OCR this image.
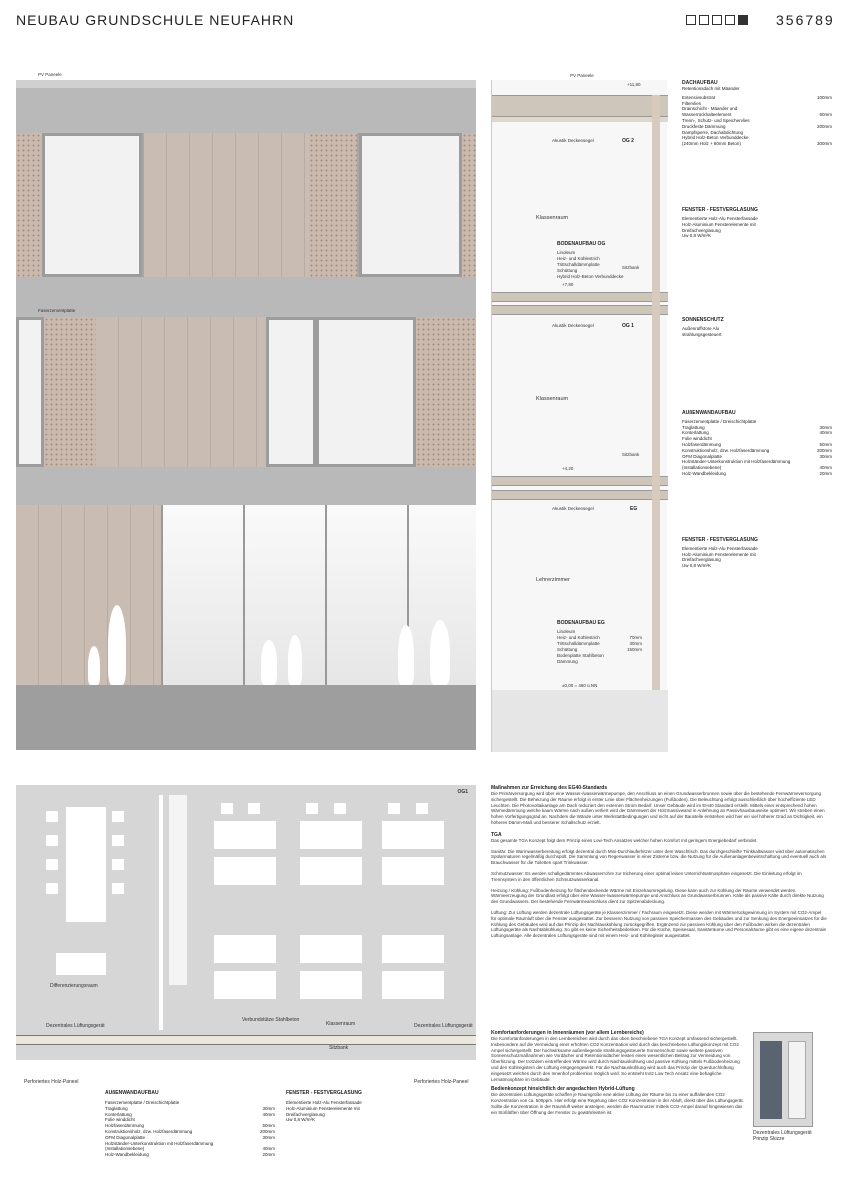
NEUBAU GRUNDSCHULE NEUFAHRN	356789
PV Paneele
Faserzementplatte
PV Paneele
+11,80
Akustik Deckensegel	OG 2
Klassenraum
BODENAUFBAU OG
Linoleum
Heiz- und Kühlestrich
Trittschalldämmplatte
Schüttung
Hybrid Holz-Beton Verbunddecke
Sitzbank
+7,80
Akustik Deckensegel	OG 1
Klassenraum
Sitzbank
+4,20
Akustik Deckensegel	EG
Lehrerzimmer
BODENAUFBAU EG
Linoleum
Heiz- und Kühlestrich	70mm
Trittschalldämmplatte	30mm
Schüttung	150mm
Bodenplatte Stahlbeton
Dämmung
±0,00 = 460 ü.NN
DACHAUFBAU
Retentionsdach mit Mäander
Extensivsubstrat	100mm
Filtervlies
Drainschicht - Mäander und
Wasserrückhalteelement	60mm
Trenn-, Schutz- und Speichervlies
Druckfeste Dämmung	200mm
Dampfsperre, Dachabdichtung
Hybrid Holz-Beton Verbunddecke
(240mm Holz + 60mm Beton)	300mm
FENSTER - FESTVERGLASUNG
Elementierte Holz-Alu Fensterfassade
Holz-Aluminium Fensterelemente mit
Dreifachverglasung
Uw 0,8 W/m²K
SONNENSCHUTZ
Außenraffstore Alu
strahlungsgesteuert
AUßENWANDAUFBAU
Faserzementplatte / Dreischichtplatte
Traglattung	30mm
Konterlattung	40mm
Folie winddicht
Holzfaserdämmung	50mm
Konstruktionsholz, dzw. Holzfaserdämmung	200mm
OFM Diagonalplatte	30mm
Holzständer-Unterkonstruktion mit Holzfaserdämmung
(Installationsebene)	40mm
Holz-Wandbekleidung	20mm
FENSTER - FESTVERGLASUNG
Elementierte Holz-Alu Fensterfassade
Holz-Aluminium Fensterelemente mit
Dreifachverglasung
Uw 0,8 W/m²K
OG1
Differenzierungsraum
Verbundstütze Stahlbeton
Klassenraum
Dezentrales Lüftungsgerät	Dezentrales Lüftungsgerät
Sitzbank
Perforiertes Holz-Paneel	Perforiertes Holz-Paneel
AUßENWANDAUFBAU
Faserzementplatte / Dreischichtplatte
Traglattung	30mm
Konterlattung	40mm
Folie winddicht
Holzfaserdämmung	50mm
Konstruktionsholz, dzw. Holzfaserdämmung	200mm
OFM Diagonalplatte	30mm
Holzständer-Unterkonstruktion mit Holzfaserdämmung
(Installationsebene)	40mm
Holz-Wandbekleidung	20mm
FENSTER - FESTVERGLASUNG
Elementierte Holz-Alu Fensterfassade
Holz-Aluminium Fensterelemente mit
Dreifachverglasung
Uw 0,8 W/m²K
Maßnahmen zur Erreichung des EG40-Standards
Die Primärversorgung wird über eine Wasser-/wasserwärmepumpe, den Anschluss an einen Grundwasserbrunnen sowie über die bestehende Fernwärmeversorgung sichergestellt. Die Beheizung der Räume erfolgt in erster Linie über Flächenheizungen (Fußboden). Die Beleuchtung erfolgt ausschließlich über hocheffiziente LED Leuchten. Die Photovoltaikanlage am Dach reduziert den externen Strom Bedarf. Unser Gebäude wird im EH40 Standard erstellt. Mittels einer entsprechend hohen Wärmedämmung welche kaum Wärme nach außen verliert wird der Dämmwert der Holzmassivwand in Anlehnung an Passivhausbauweise optimiert. Wir streben einen hohen Vorfertigungsgrad an. Nachdem die Wände unter Werkstattbedingungen und nicht auf der Baustelle entstehen wird hier ein viel höherer Grad an Dichtigkeit, ein höheres Dämm-Maß und besserer Schallschutz erzielt.
TGA
Das gesamte TGA Konzept folgt dem Prinzip eines Low-Tech Ansatzes welcher hohen Komfort mit geringem Energiebedarf verbindet.
Sanitär: Die Warmwasserbereitung erfolgt dezentral durch Mini-Durchlauferhitzer unter dem Waschtisch. Das durchgeschleifte Trinkkaltwasser wird über automatischen Spülarmaturen regelmäßig durchspült. Die Sammlung von Regenwasser in einer Zisterne bzw. die Nutzung für die Außenanlagenbewirtschaftung und eventuell auch als Brauchwasser für die Toiletten spart Trinkwasser.
Schmutzwasser: Es werden schallgedämmtes Abwasserrohre zur Sicherung einer optimal leisen Unterrichtsatmosphäre eingesetzt. Die Einleitung erfolgt im Trennsystem in den öffentlichen Schmutzwasserkanal.
Heizung / Kühlung: Fußbodenheizung für flächendeckende Wärme mit Einzelraumregelung. Diese kann auch zur Kühlung der Räume verwendet werden. Wärmeerzeugung der Grundlast erfolgt über eine Wasser-/wasserwärmepumpe und Anschluss an Grundwasserbrunnen. Kälte als passive Kälte durch direkte Nutzung des Grundwassers. Der bestehende Fernwärmeanschluss dient zur Spitzenabdeckung.
Lüftung: Zur Lüftung werden dezentrale Lüftungsgeräte je Klassenzimmer / Fachraum eingesetzt. Diese werden mit Wärmerückgewinnung im System mit CO2-Ampel für optimale Raumluft über die Fenster ausgestattet. Zur besseren Nutzung von passiven Speichermassen des Gebäudes und zur Senkung des Energieeinsatzes für die Kühlung des Gebäudes wird auf das Prinzip der Nachtauskühlung zurückgegriffen. Ergänzend zur passiven Kühlung über den Fußboden wirken die dezentralen Lüftungsgeräte als Nachtabkühlung. So gibt es keine Sicherheitsbedenken. Für die Küche, Speisesaal, Sanitärräume und Personalräume gibt es eine eigene dezentrale Lüftungsanlage. Alle dezentralen Lüftungsgeräte sind mit einem Heiz- und Kühlregister ausgestattet.
Komfortanforderungen in Innenräumen (vor allem Lernbereiche)
Die Komfortanforderungen in den Lernbereichen wird durch das oben beschriebene TGA Konzept umfassend sichergestellt. Insbesondere auf die Vermeidung einer erhöhten CO2 Konzentration wird durch das beschriebene Lüftungskonzept mit CO2 Ampel sichergestellt. Der hochwirksame außenliegende strahlungsgesteuerte Sonnenschutz sowie weitere passiven Sonnenschutzmaßnahmen wie Vordächer und Retentionsdächer leisten einen wesentlichen Beitrag zur Vermeidung von Überhitzung. Der trotzdem eintreffenden Wärme wird durch Nachtauskühlung und passive Kühlung mittels Fußbodenheizung und den Kühlregistern der Lüftung entgegengewirkt. Für die Nachtauskühlung wird auch das Prinzip der Querdurchlüftung eingesetzt welches durch den Innenhof problemlos möglich wird. So entsteht trotz Low Tech Ansatz eine behagliche Lernatmosphäre im Gebäude.
Bedienkonzept hinsichtlich der angedachten Hybrid-Lüftung
Die dezentralen Lüftungsgeräte schaffen je Raumgröße eine aktive Lüftung der Räume bis zu einer auffallenden CO2 Konzentration von ca. 500ppm. Hier erfolgt eine Regelung über CO2 Konzentration in der Abluft, direkt über das Lüftungsgerät. Sollte die Konzentration in der Raumluft weiter ansteigen, werden die Raumnutzer mittels CO2-Ampel darauf hingewiesen das ein Stoßlüften über Öffnung der Fenster zu gewährleisten ist.
Dezentrales Lüftungsgerät
Prinzip Skizze
